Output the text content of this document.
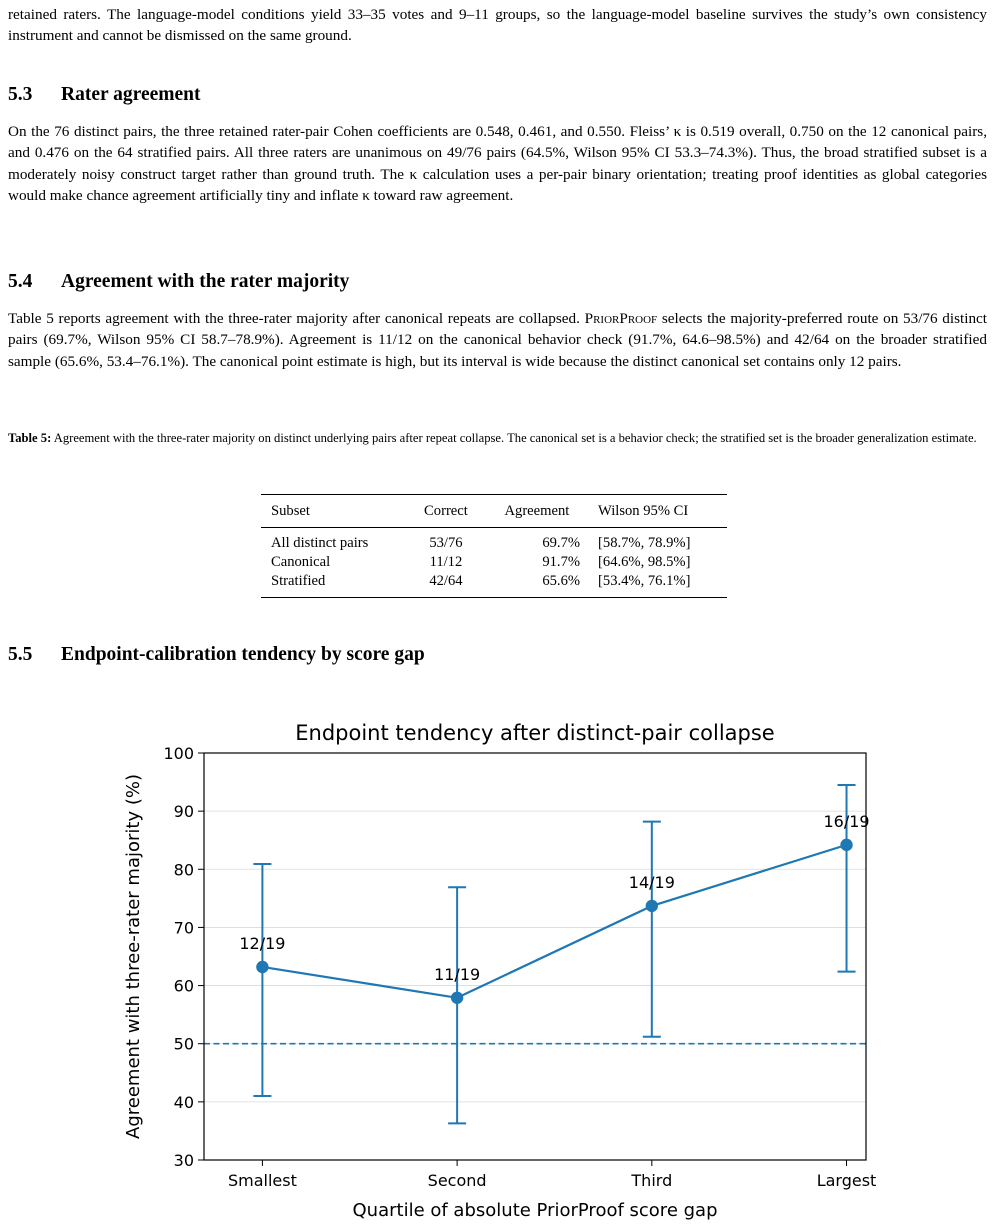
retained raters. The language-model conditions yield 33–35 votes and 9–11 groups, so the language-model baseline survives the study’s own consistency instrument and cannot be dismissed on the same ground.

5.3 Rater agreement

On the 76 distinct pairs, the three retained rater-pair Cohen coefficients are 0.548, 0.461, and 0.550. Fleiss’ κ is 0.519 overall, 0.750 on the 12 canonical pairs, and 0.476 on the 64 stratified pairs. All three raters are unanimous on 49/76 pairs (64.5%, Wilson 95% CI 53.3–74.3%). Thus, the broad stratified subset is a moderately noisy construct target rather than ground truth. The κ calculation uses a per-pair binary orientation; treating proof identities as global categories would make chance agreement artificially tiny and inflate κ toward raw agreement.

5.4 Agreement with the rater majority

Table 5 reports agreement with the three-rater majority after canonical repeats are collapsed. PriorProof selects the majority-preferred route on 53/76 distinct pairs (69.7%, Wilson 95% CI 58.7–78.9%). Agreement is 11/12 on the canonical behavior check (91.7%, 64.6–98.5%) and 42/64 on the broader stratified sample (65.6%, 53.4–76.1%). The canonical point estimate is high, but its interval is wide because the distinct canonical set contains only 12 pairs.

Table 5: Agreement with the three-rater majority on distinct underlying pairs after repeat collapse. The canonical set is a behavior check; the stratified set is the broader generalization estimate.

Subset	Correct	Agreement	Wilson 95% CI
All distinct pairs	53/76	69.7%	[58.7%, 78.9%]
Canonical	11/12	91.7%	[64.6%, 98.5%]
Stratified	42/64	65.6%	[53.4%, 76.1%]
5.5 Endpoint-calibration tendency by score gap
Endpoint tendency after distinct-pair collapse
30
40
50
60
70
80
90
100
Smallest	Second	Third	Largest
Quartile of absolute PriorProof score gap
Agreement with three-rater majority (%)	12/19
11/19
14/19
16/19
